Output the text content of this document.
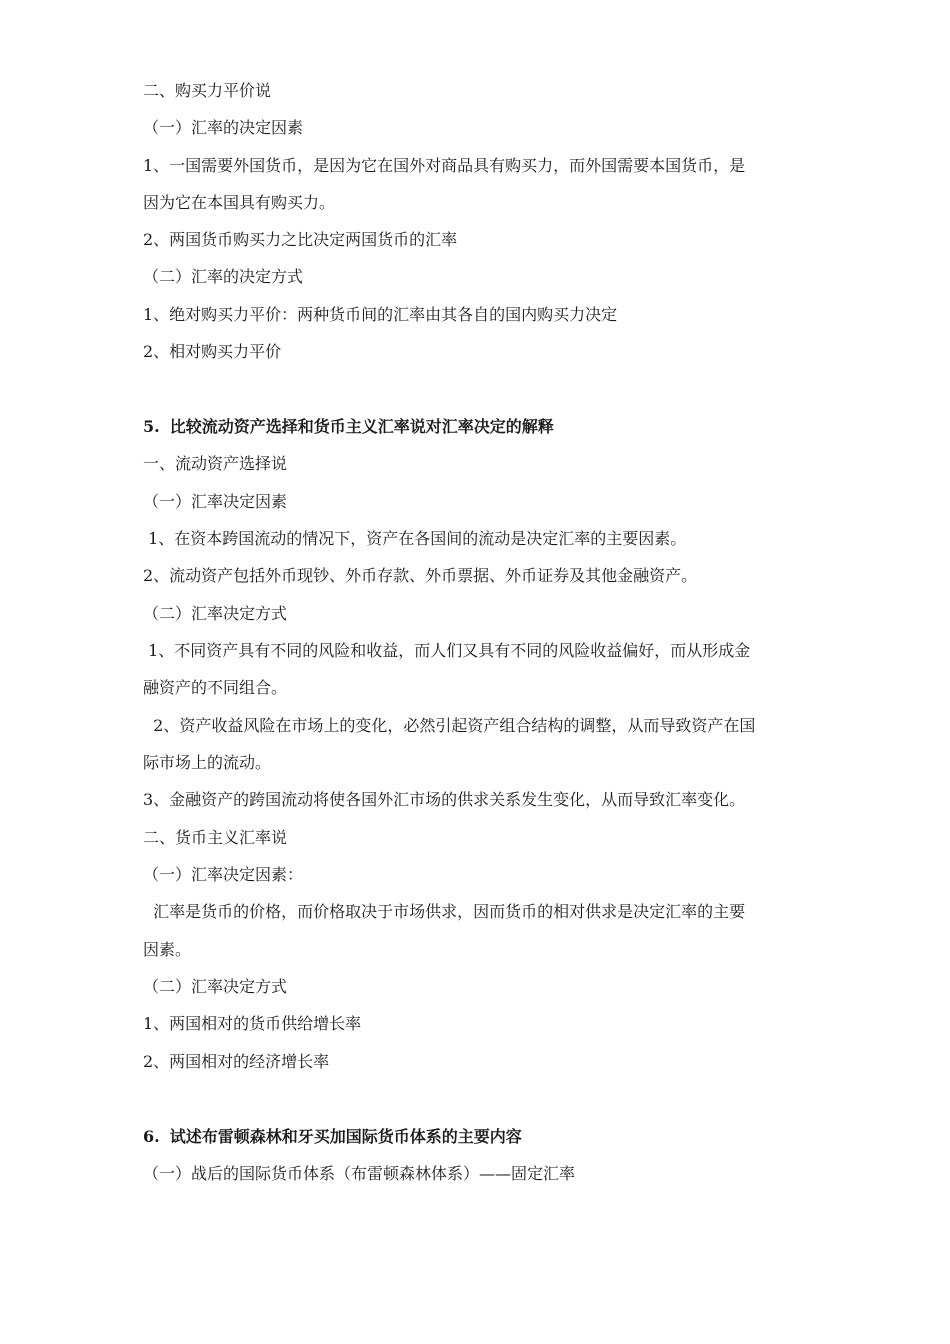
二、购买力平价说
（一）汇率的决定因素
1、一国需要外国货币，是因为它在国外对商品具有购买力，而外国需要本国货币，是
因为它在本国具有购买力。
2、两国货币购买力之比决定两国货币的汇率
（二）汇率的决定方式
1、绝对购买力平价：两种货币间的汇率由其各自的国内购买力决定
2、相对购买力平价
5. 比较流动资产选择和货币主义汇率说对汇率决定的解释
一、流动资产选择说
（一）汇率决定因素
1、在资本跨国流动的情况下，资产在各国间的流动是决定汇率的主要因素。
2、流动资产包括外币现钞、外币存款、外币票据、外币证券及其他金融资产。
（二）汇率决定方式
1、不同资产具有不同的风险和收益，而人们又具有不同的风险收益偏好，而从形成金
融资产的不同组合。
2、资产收益风险在市场上的变化，必然引起资产组合结构的调整，从而导致资产在国
际市场上的流动。
3、金融资产的跨国流动将使各国外汇市场的供求关系发生变化，从而导致汇率变化。
二、货币主义汇率说
（一）汇率决定因素：
汇率是货币的价格，而价格取决于市场供求，因而货币的相对供求是决定汇率的主要
因素。
（二）汇率决定方式
1、两国相对的货币供给增长率
2、两国相对的经济增长率
6. 试述布雷顿森林和牙买加国际货币体系的主要内容
（一）战后的国际货币体系（布雷顿森林体系）——固定汇率
